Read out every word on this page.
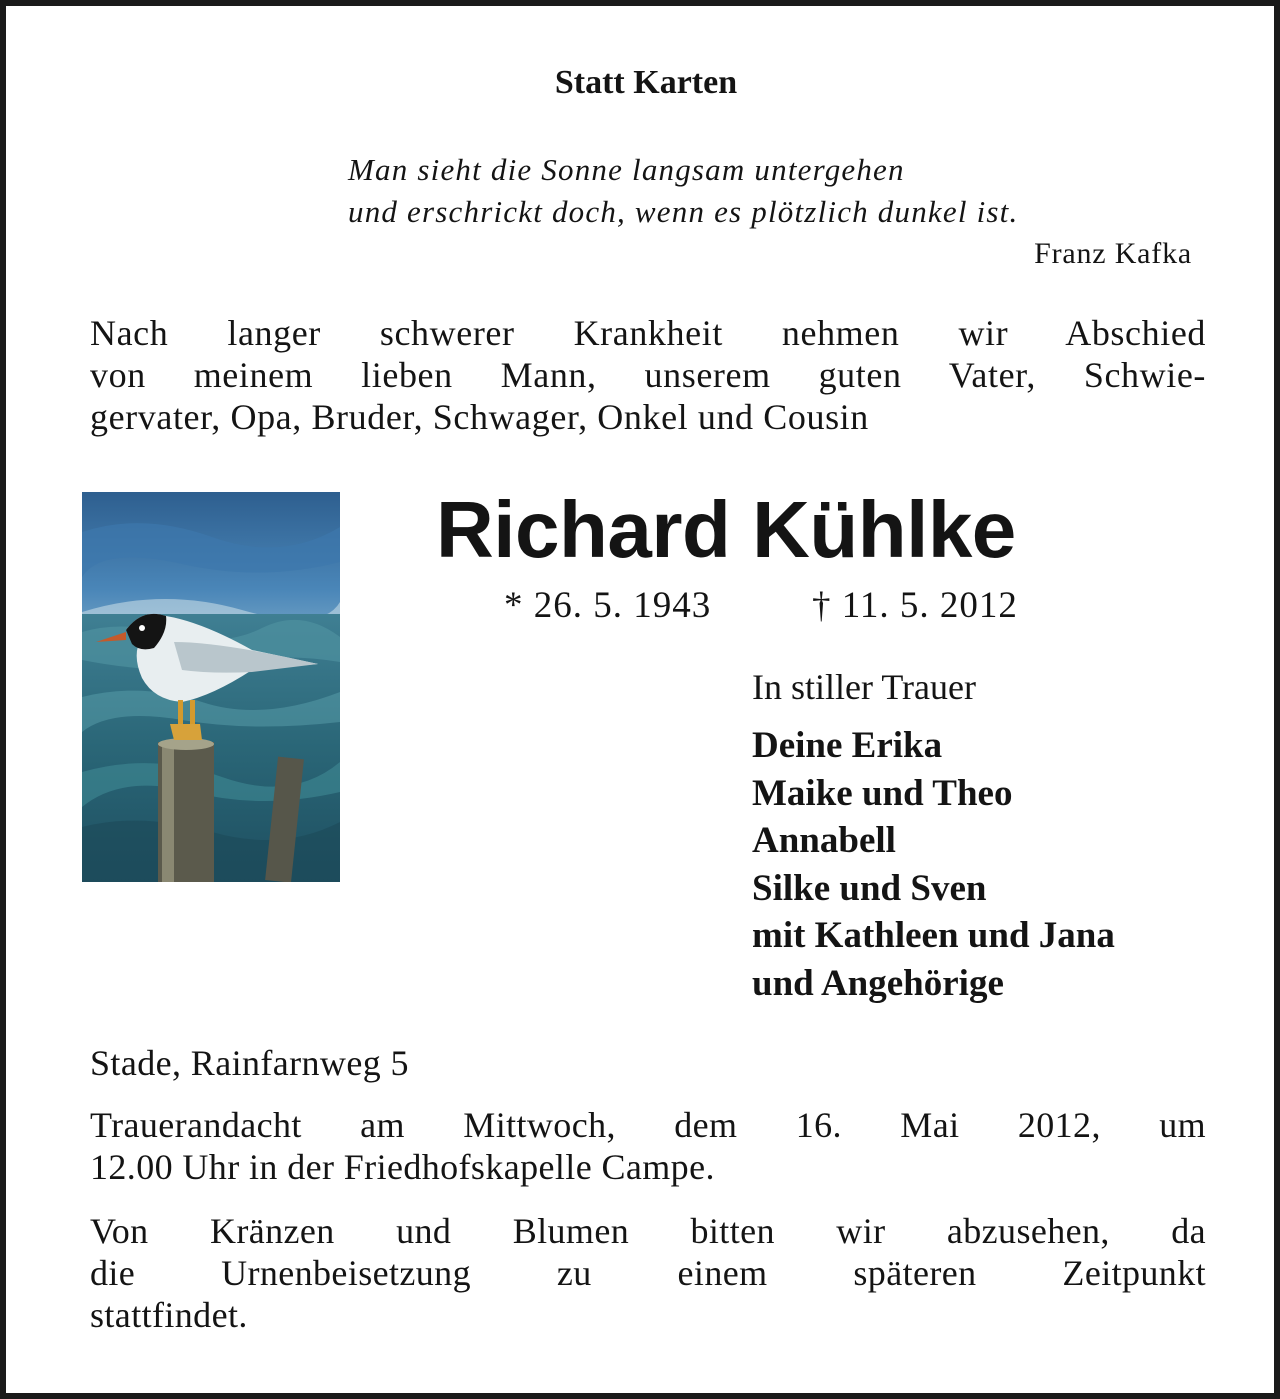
Statt Karten

Man sieht die Sonne langsam untergehen

und erschrickt doch, wenn es plötzlich dunkel ist.

Franz Kafka

Nach langer schwerer Krankheit nehmen wir Abschied
von meinem lieben Mann, unserem guten Vater, Schwie-
gervater, Opa, Bruder, Schwager, Onkel und Cousin

Richard Kühlke

* 26. 5. 1943	† 11. 5. 2012

In stiller Trauer

Deine Erika
Maike und Theo
Annabell
Silke und Sven
mit Kathleen und Jana
und Angehörige

Stade, Rainfarnweg 5

Trauerandacht am Mittwoch, dem 16. Mai 2012, um
12.00 Uhr in der Friedhofskapelle Campe.
Von Kränzen und Blumen bitten wir abzusehen, da
die Urnenbeisetzung zu einem späteren Zeitpunkt
stattfindet.
